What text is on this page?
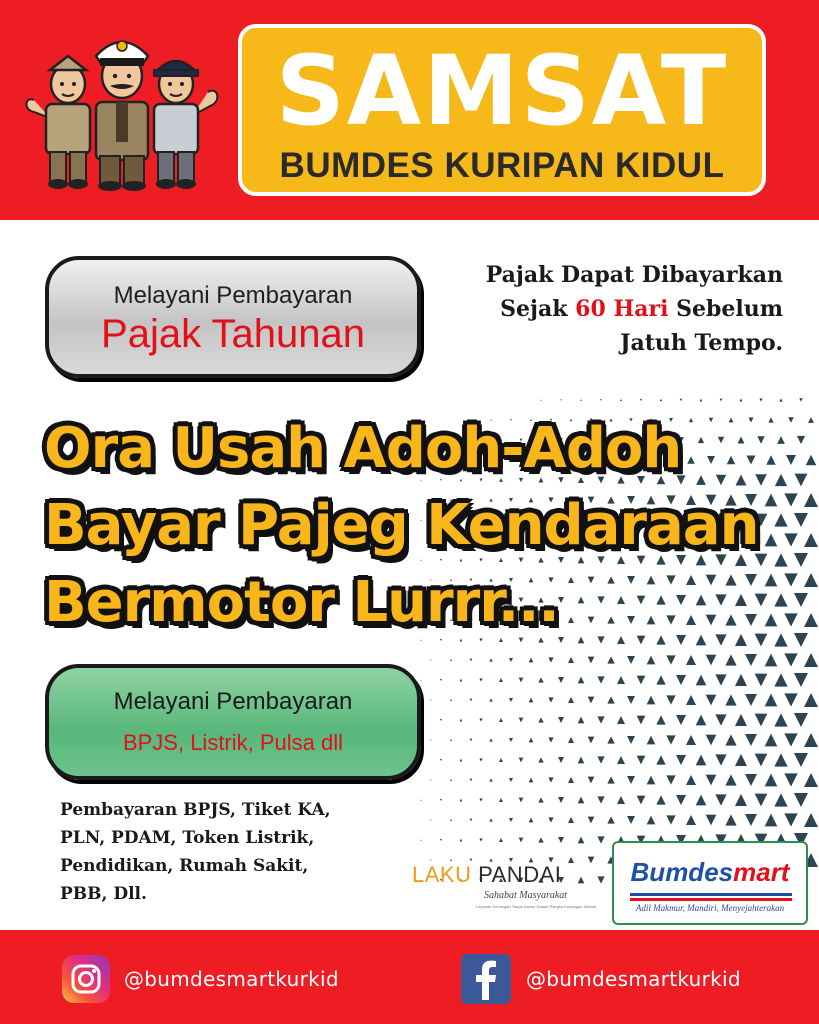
SAMSAT
BUMDES KURIPAN KIDUL
Melayani Pembayaran
Pajak Tahunan
Pajak Dapat Dibayarkan
Sejak 60 Hari Sebelum
Jatuh Tempo.
Ora Usah Adoh-Adoh
Bayar Pajeg Kendaraan
Bermotor Lurrr...
Melayani Pembayaran
BPJS, Listrik, Pulsa dll
Pembayaran BPJS, Tiket KA,
PLN, PDAM, Token Listrik,
Pendidikan, Rumah Sakit,
PBB, Dll.
LAKU PANDAI
Sahabat Masyarakat
Layanan Keuangan Tanpa Kantor Dalam Rangka Keuangan Inklusif
Bumdesmart
Adil Makmur, Mandiri, Menyejahterakan
@bumdesmartkurkid	@bumdesmartkurkid
